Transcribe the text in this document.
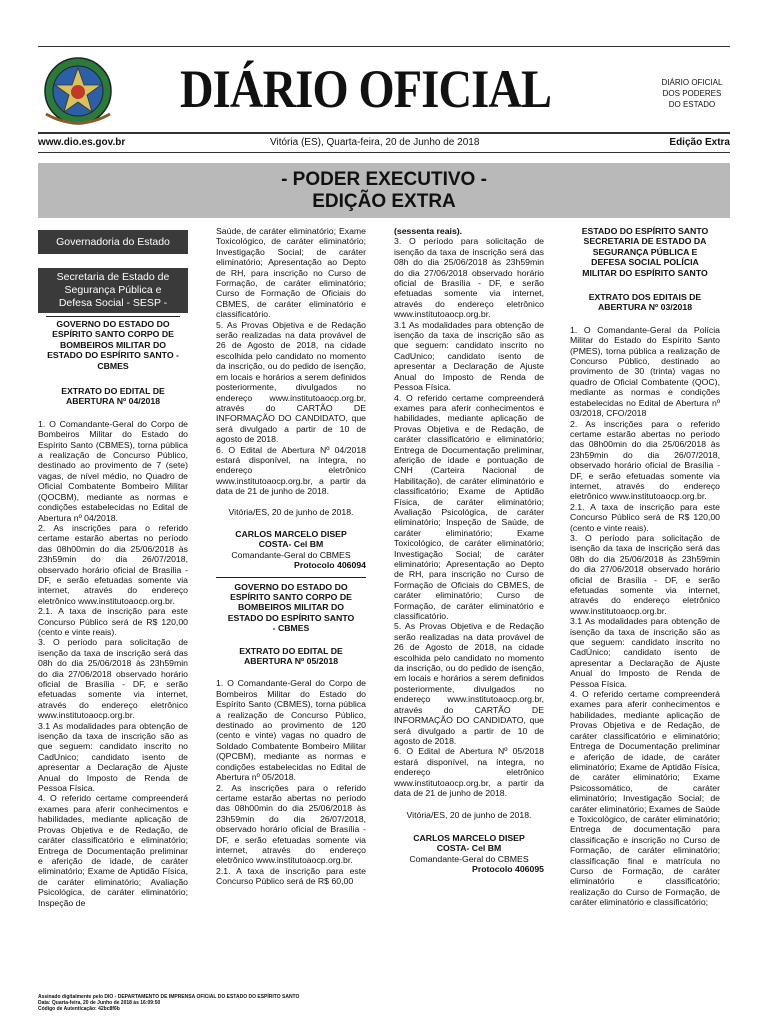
DIÁRIO OFICIAL	DIÁRIO OFICIAL
DOS PODERES
DO ESTADO
www.dio.es.gov.br	Vitória (ES), Quarta-feira, 20 de Junho de 2018	Edição Extra
- PODER EXECUTIVO -
EDIÇÃO EXTRA
Governadoria do Estado
Secretaria de Estado de Segurança Pública e Defesa Social - SESP -

GOVERNO DO ESTADO DO ESPÍRITO SANTO CORPO DE BOMBEIROS MILITAR DO ESTADO DO ESPÍRITO SANTO - CBMES

EXTRATO DO EDITAL DE ABERTURA Nº 04/2018

1. O Comandante-Geral do Corpo de Bombeiros Militar do Estado do Espírito Santo (CBMES), torna pública a realização de Concurso Público, destinado ao provimento de 7 (sete) vagas, de nível médio, no Quadro de Oficial Combatente Bombeiro Militar (QOCBM), mediante as normas e condições estabelecidas no Edital de Abertura nº 04/2018.

2. As inscrições para o referido certame estarão abertas no período das 08h00min do dia 25/06/2018 às 23h59min do dia 26/07/2018, observado horário oficial de Brasília - DF, e serão efetuadas somente via internet, através do endereço eletrônico www.institutoaocp.org.br.

2.1. A taxa de inscrição para este Concurso Público será de R$ 120,00 (cento e vinte reais).

3. O período para solicitação de isenção da taxa de inscrição será das 08h do dia 25/06/2018 às 23h59min do dia 27/06/2018 observado horário oficial de Brasília - DF, e serão efetuadas somente via internet, através do endereço eletrônico www.institutoaocp.org.br.

3.1 As modalidades para obtenção de isenção da taxa de inscrição são as que seguem: candidato inscrito no CadUnico; candidato isento de apresentar a Declaração de Ajuste Anual do Imposto de Renda de Pessoa Física.

4. O referido certame compreenderá exames para aferir conhecimentos e habilidades, mediante aplicação de Provas Objetiva e de Redação, de caráter classificatório e eliminatório; Entrega de Documentação preliminar e aferição de idade, de caráter eliminatório; Exame de Aptidão Física, de caráter eliminatório; Avaliação Psicológica, de caráter eliminatório; Inspeção de

Saúde, de caráter eliminatório; Exame Toxicológico, de caráter eliminatório; Investigação Social; de caráter eliminatório; Apresentação ao Depto de RH, para inscrição no Curso de Formação, de caráter eliminatório; Curso de Formação de Oficiais do CBMES, de caráter eliminatório e classificatório.

5. As Provas Objetiva e de Redação serão realizadas na data provável de 26 de Agosto de 2018, na cidade escolhida pelo candidato no momento da inscrição, ou do pedido de isenção, em locais e horários a serem definidos posteriormente, divulgados no endereço www.institutoaocp.org.br, através do CARTÃO DE INFORMAÇÃO DO CANDIDATO, que será divulgado a partir de 10 de agosto de 2018.

6. O Edital de Abertura Nº 04/2018 estará disponível, na íntegra, no endereço eletrônico www.institutoaocp.org.br, a partir da data de 21 de junho de 2018.

Vitória/ES, 20 de junho de 2018.

CARLOS MARCELO DISEP COSTA- Cel BM

Comandante-Geral do CBMES

Protocolo 406094

GOVERNO DO ESTADO DO ESPÍRITO SANTO CORPO DE BOMBEIROS MILITAR DO ESTADO DO ESPÍRITO SANTO - CBMES

EXTRATO DO EDITAL DE ABERTURA Nº 05/2018

1. O Comandante-Geral do Corpo de Bombeiros Militar do Estado do Espírito Santo (CBMES), torna pública a realização de Concurso Público, destinado ao provimento de 120 (cento e vinte) vagas no quadro de Soldado Combatente Bombeiro Militar (QPCBM), mediante as normas e condições estabelecidas no Edital de Abertura nº 05/2018.

2. As inscrições para o referido certame estarão abertas no período das 08h00min do dia 25/06/2018 às 23h59min do dia 26/07/2018, observado horário oficial de Brasília - DF, e serão efetuadas somente via internet, através do endereço eletrônico www.institutoaocp.org.br.

2.1. A taxa de inscrição para este Concurso Público será de R$ 60,00

(sessenta reais).

3. O período para solicitação de isenção da taxa de inscrição será das 08h do dia 25/06/2018 às 23h59min do dia 27/06/2018 observado horário oficial de Brasília - DF, e serão efetuadas somente via internet, através do endereço eletrônico www.institutoaocp.org.br.

3.1 As modalidades para obtenção de isenção da taxa de inscrição são as que seguem: candidato inscrito no CadUnico; candidato isento de apresentar a Declaração de Ajuste Anual do Imposto de Renda de Pessoa Física.

4. O referido certame compreenderá exames para aferir conhecimentos e habilidades, mediante aplicação de Provas Objetiva e de Redação, de caráter classificatório e eliminatório; Entrega de Documentação preliminar, aferição de idade e pontuação de CNH (Carteira Nacional de Habilitação), de caráter eliminatório e classificatório; Exame de Aptidão Física, de caráter eliminatório; Avaliação Psicológica, de caráter eliminatório; Inspeção de Saúde, de caráter eliminatório; Exame Toxicológico, de caráter eliminatório; Investigação Social; de caráter eliminatório; Apresentação ao Depto de RH, para inscrição no Curso de Formação de Oficiais do CBMES, de caráter eliminatório; Curso de Formação, de caráter eliminatório e classificatório.

5. As Provas Objetiva e de Redação serão realizadas na data provável de 26 de Agosto de 2018, na cidade escolhida pelo candidato no momento da inscrição, ou do pedido de isenção, em locais e horários a serem definidos posteriormente, divulgados no endereço www.institutoaocp.org.br, através do CARTÃO DE INFORMAÇÃO DO CANDIDATO, que será divulgado a partir de 10 de agosto de 2018.

6. O Edital de Abertura Nº 05/2018 estará disponível, na íntegra, no endereço eletrônico www.institutoaocp.org.br, a partir da data de 21 de junho de 2018.

Vitória/ES, 20 de junho de 2018.

CARLOS MARCELO DISEP COSTA- Cel BM

Comandante-Geral do CBMES

Protocolo 406095

ESTADO DO ESPÍRITO SANTO SECRETARIA DE ESTADO DA SEGURANÇA PÚBLICA E DEFESA SOCIAL POLÍCIA MILITAR DO ESPÍRITO SANTO

EXTRATO DOS EDITAIS DE ABERTURA Nº 03/2018

1. O Comandante-Geral da Polícia Militar do Estado do Espírito Santo (PMES), torna pública a realização de Concurso Público, destinado ao provimento de 30 (trinta) vagas no quadro de Oficial Combatente (QOC), mediante as normas e condições estabelecidas no Edital de Abertura nº 03/2018, CFO/2018

2. As inscrições para o referido certame estarão abertas no período das 08h00min do dia 25/06/2018 às 23h59min do dia 26/07/2018, observado horário oficial de Brasília - DF, e serão efetuadas somente via internet, através do endereço eletrônico www.institutoaocp.org.br.

2.1. A taxa de inscrição para este Concurso Público será de R$ 120,00 (cento e vinte reais).

3. O período para solicitação de isenção da taxa de inscrição será das 08h do dia 25/06/2018 às 23h59min do dia 27/06/2018 observado horário oficial de Brasília - DF, e serão efetuadas somente via internet, através do endereço eletrônico www.institutoaocp.org.br.

3.1 As modalidades para obtenção de isenção da taxa de inscrição são as que seguem: candidato inscrito no CadÚnico; candidato isento de apresentar a Declaração de Ajuste Anual do Imposto de Renda de Pessoa Física.

4. O referido certame compreenderá exames para aferir conhecimentos e habilidades, mediante aplicação de Provas Objetiva e de Redação, de caráter classificatório e eliminatório; Entrega de Documentação preliminar e aferição de idade, de caráter eliminatório; Exame de Aptidão Física, de caráter eliminatório; Exame Psicossomático, de caráter eliminatório; Investigação Social; de caráter eliminatório; Exames de Saúde e Toxicológico, de caráter eliminatório; Entrega de documentação para classificação e inscrição no Curso de Formação, de caráter eliminatório; classificação final e matrícula no Curso de Formação, de caráter eliminatório e classificatório; realização do Curso de Formação, de caráter eliminatório e classificatório;

Assinado digitalmente pelo DIO - DEPARTAMENTO DE IMPRENSA OFICIAL DO ESTADO DO ESPÍRITO SANTO
Data: Quarta-feira, 20 de Junho de 2018 às 16:09:50
Código de Autenticação: 42bc8f6b
